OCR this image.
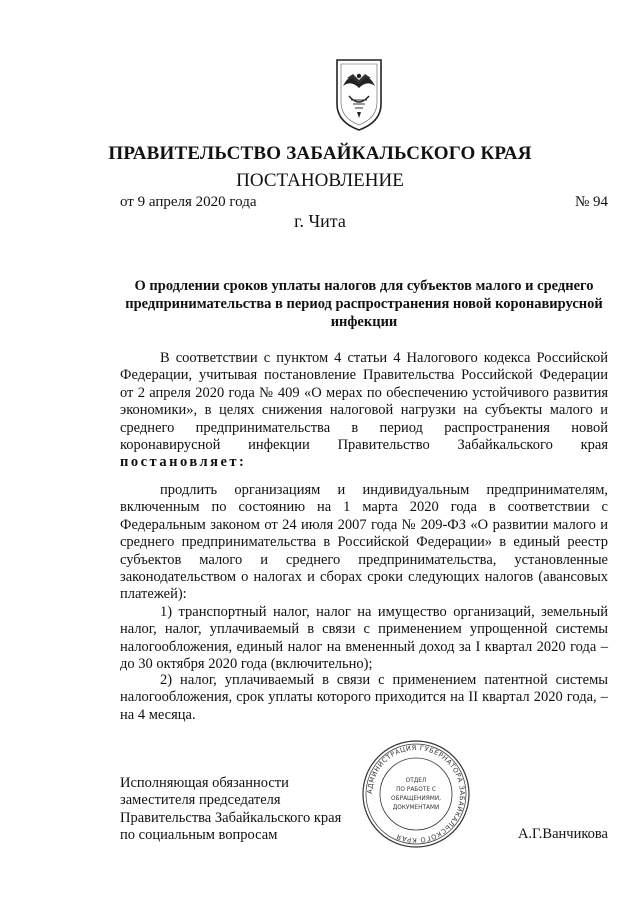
ПРАВИТЕЛЬСТВО ЗАБАЙКАЛЬСКОГО КРАЯ
ПОСТАНОВЛЕНИЕ
от 9 апреля 2020 года	№ 94
г. Чита
О продлении сроков уплаты налогов для субъектов малого и среднего предпринимательства в период распространения новой коронавирусной инфекции
В соответствии с пунктом 4 статьи 4 Налогового кодекса Российской Федерации, учитывая постановление Правительства Российской Федерации от 2 апреля 2020 года № 409 «О мерах по обеспечению устойчивого развития экономики», в целях снижения налоговой нагрузки на субъекты малого и среднего предпринимательства в период распространения новой коронавирусной инфекции Правительство Забайкальского края постановляет:
продлить организациям и индивидуальным предпринимателям, включенным по состоянию на 1 марта 2020 года в соответствии с Федеральным законом от 24 июля 2007 года № 209-ФЗ «О развитии малого и среднего предпринимательства в Российской Федерации» в единый реестр субъектов малого и среднего предпринимательства, установленные законодательством о налогах и сборах сроки следующих налогов (авансовых платежей):
1) транспортный налог, налог на имущество организаций, земельный налог, налог, уплачиваемый в связи с применением упрощенной системы налогообложения, единый налог на вмененный доход за I квартал 2020 года – до 30 октября 2020 года (включительно);
2) налог, уплачиваемый в связи с применением патентной системы налогообложения, срок уплаты которого приходится на II квартал 2020 года, – на 4 месяца.
Исполняющая обязанности
заместителя председателя
Правительства Забайкальского края
по социальным вопросам	А.Г.Ванчикова
АДМИНИСТРАЦИЯ ГУБЕРНАТОРА ЗАБАЙКАЛЬСКОГО КРАЯ
ОТДЕЛ
ПО РАБОТЕ С
ОБРАЩЕНИЯМИ,
ДОКУМЕНТАМИ
